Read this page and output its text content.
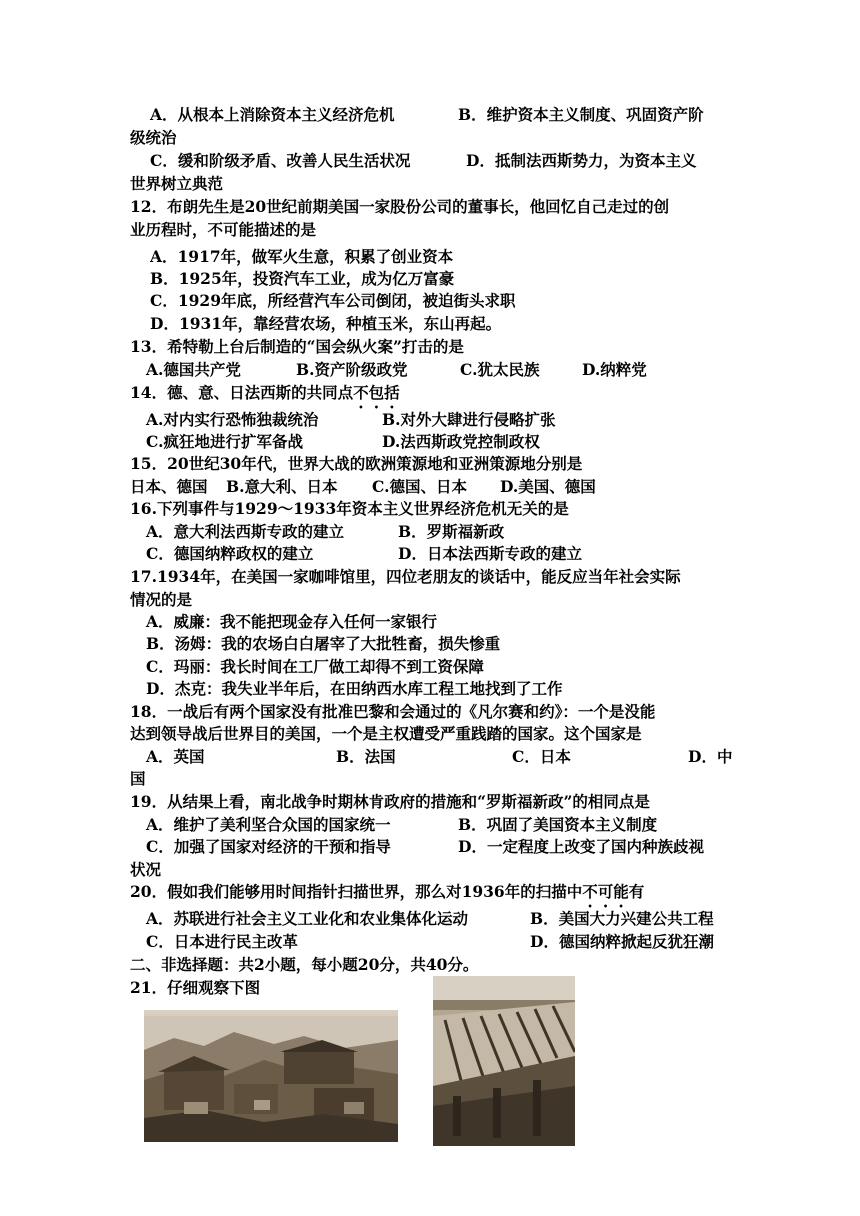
A．从根本上消除资本主义经济危机	B．维护资本主义制度、巩固资产阶
级统治
C．缓和阶级矛盾、改善人民生活状况	D．抵制法西斯势力，为资本主义
世界树立典范
12．布朗先生是20世纪前期美国一家股份公司的董事长，他回忆自己走过的创
业历程时，不可能描述的是
A．1917年，做军火生意，积累了创业资本
B．1925年，投资汽车工业，成为亿万富豪
C．1929年底，所经营汽车公司倒闭，被迫街头求职
D．1931年，靠经营农场，种植玉米，东山再起。
13．希特勒上台后制造的“国会纵火案”打击的是
A.德国共产党	B.资产阶级政党	C.犹太民族	D.纳粹党
14．德、意、日法西斯的共同点不包括
A.对内实行恐怖独裁统治	B.对外大肆进行侵略扩张
C.疯狂地进行扩军备战	D.法西斯政党控制政权
15．20世纪30年代，世界大战的欧洲策源地和亚洲策源地分别是
日本、德国 B.意大利、日本 C.德国、日本 D.美国、德国
16.下列事件与1929～1933年资本主义世界经济危机无关的是
A．意大利法西斯专政的建立	B．罗斯福新政
C．德国纳粹政权的建立	D．日本法西斯专政的建立
17.1934年，在美国一家咖啡馆里，四位老朋友的谈话中，能反应当年社会实际
情况的是
A．威廉：我不能把现金存入任何一家银行
B．汤姆：我的农场白白屠宰了大批牲畜，损失惨重
C．玛丽：我长时间在工厂做工却得不到工资保障
D．杰克：我失业半年后，在田纳西水库工程工地找到了工作
18．一战后有两个国家没有批准巴黎和会通过的《凡尔赛和约》：一个是没能
达到领导战后世界目的美国，一个是主权遭受严重践踏的国家。这个国家是
A．英国	B．法国	C．日本	D．中
国
19．从结果上看，南北战争时期林肯政府的措施和“罗斯福新政”的相同点是
A．维护了美利坚合众国的国家统一	B．巩固了美国资本主义制度
C．加强了国家对经济的干预和指导	D．一定程度上改变了国内种族歧视
状况
20．假如我们能够用时间指针扫描世界，那么对1936年的扫描中不可能有
A．苏联进行社会主义工业化和农业集体化运动	B．美国大力兴建公共工程
C．日本进行民主改革	D．德国纳粹掀起反犹狂潮
二、非选择题：共2小题，每小题20分，共40分。
21．仔细观察下图
